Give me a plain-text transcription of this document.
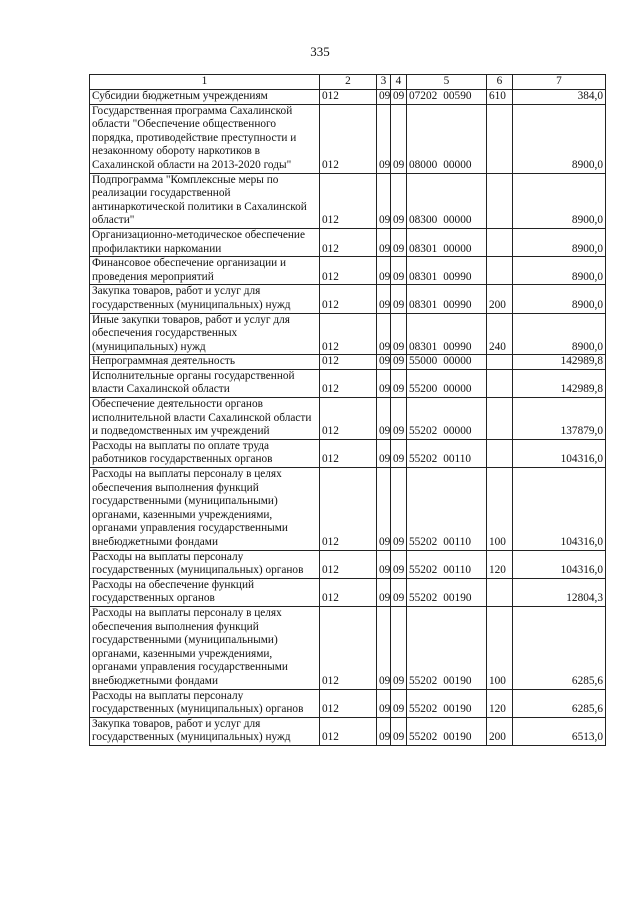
335
1	2	3	4	5	6	7
Субсидии бюджетным учреждениям	012	09	09	07202 00590	610	384,0
Государственная программа Сахалинской области "Обеспечение общественного порядка, противодействие преступности и незаконному обороту наркотиков в Сахалинской области на 2013-2020 годы"	012	09	09	08000 00000		8900,0
Подпрограмма "Комплексные меры по реализации государственной антинаркотической политики в Сахалинской области"	012	09	09	08300 00000		8900,0
Организационно-методическое обеспечение профилактики наркомании	012	09	09	08301 00000		8900,0
Финансовое обеспечение организации и проведения мероприятий	012	09	09	08301 00990		8900,0
Закупка товаров, работ и услуг для государственных (муниципальных) нужд	012	09	09	08301 00990	200	8900,0
Иные закупки товаров, работ и услуг для обеспечения государственных (муниципальных) нужд	012	09	09	08301 00990	240	8900,0
Непрограммная деятельность	012	09	09	55000 00000		142989,8
Исполнительные органы государственной власти Сахалинской области	012	09	09	55200 00000		142989,8
Обеспечение деятельности органов исполнительной власти Сахалинской области и подведомственных им учреждений	012	09	09	55202 00000		137879,0
Расходы на выплаты по оплате труда работников государственных органов	012	09	09	55202 00110		104316,0
Расходы на выплаты персоналу в целях обеспечения выполнения функций государственными (муниципальными) органами, казенными учреждениями, органами управления государственными внебюджетными фондами	012	09	09	55202 00110	100	104316,0
Расходы на выплаты персоналу государственных (муниципальных) органов	012	09	09	55202 00110	120	104316,0
Расходы на обеспечение функций государственных органов	012	09	09	55202 00190		12804,3
Расходы на выплаты персоналу в целях обеспечения выполнения функций государственными (муниципальными) органами, казенными учреждениями, органами управления государственными внебюджетными фондами	012	09	09	55202 00190	100	6285,6
Расходы на выплаты персоналу государственных (муниципальных) органов	012	09	09	55202 00190	120	6285,6
Закупка товаров, работ и услуг для государственных (муниципальных) нужд	012	09	09	55202 00190	200	6513,0
